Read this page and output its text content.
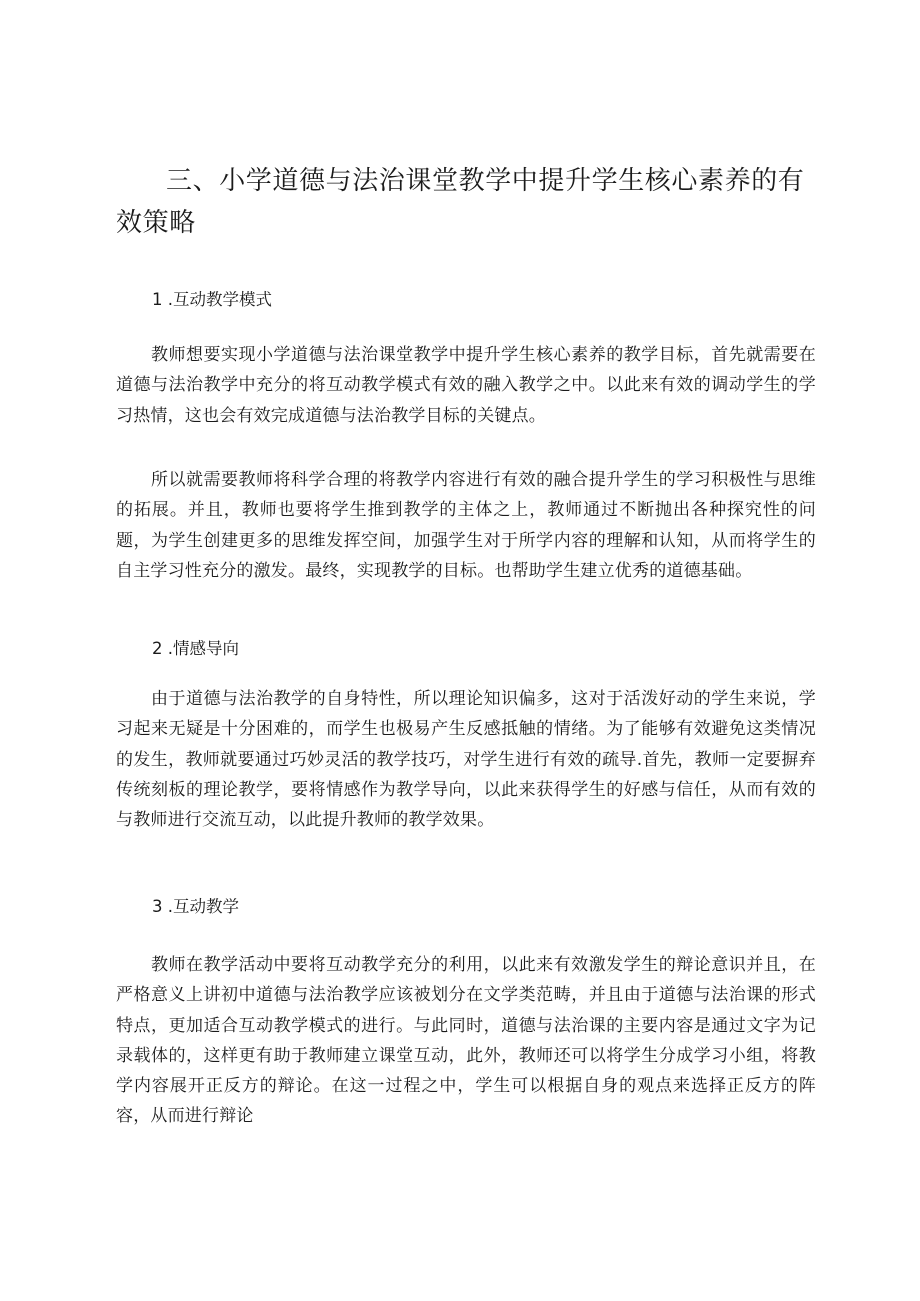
三、小学道德与法治课堂教学中提升学生核心素养的有效策略
1 .互动教学模式

教师想要实现小学道德与法治课堂教学中提升学生核心素养的教学目标，首先就需要在道德与法治教学中充分的将互动教学模式有效的融入教学之中。以此来有效的调动学生的学习热情，这也会有效完成道德与法治教学目标的关键点。

所以就需要教师将科学合理的将教学内容进行有效的融合提升学生的学习积极性与思维的拓展。并且，教师也要将学生推到教学的主体之上，教师通过不断抛出各种探究性的问题，为学生创建更多的思维发挥空间，加强学生对于所学内容的理解和认知，从而将学生的自主学习性充分的激发。最终，实现教学的目标。也帮助学生建立优秀的道德基础。

2 .情感导向

由于道德与法治教学的自身特性，所以理论知识偏多，这对于活泼好动的学生来说，学习起来无疑是十分困难的，而学生也极易产生反感抵触的情绪。为了能够有效避免这类情况的发生，教师就要通过巧妙灵活的教学技巧，对学生进行有效的疏导.首先，教师一定要摒弃传统刻板的理论教学，要将情感作为教学导向，以此来获得学生的好感与信任，从而有效的与教师进行交流互动，以此提升教师的教学效果。

3 .互动教学

教师在教学活动中要将互动教学充分的利用，以此来有效激发学生的辩论意识并且，在严格意义上讲初中道德与法治教学应该被划分在文学类范畴，并且由于道德与法治课的形式特点，更加适合互动教学模式的进行。与此同时，道德与法治课的主要内容是通过文字为记录载体的，这样更有助于教师建立课堂互动，此外，教师还可以将学生分成学习小组，将教学内容展开正反方的辩论。在这一过程之中，学生可以根据自身的观点来选择正反方的阵容，从而进行辩论
